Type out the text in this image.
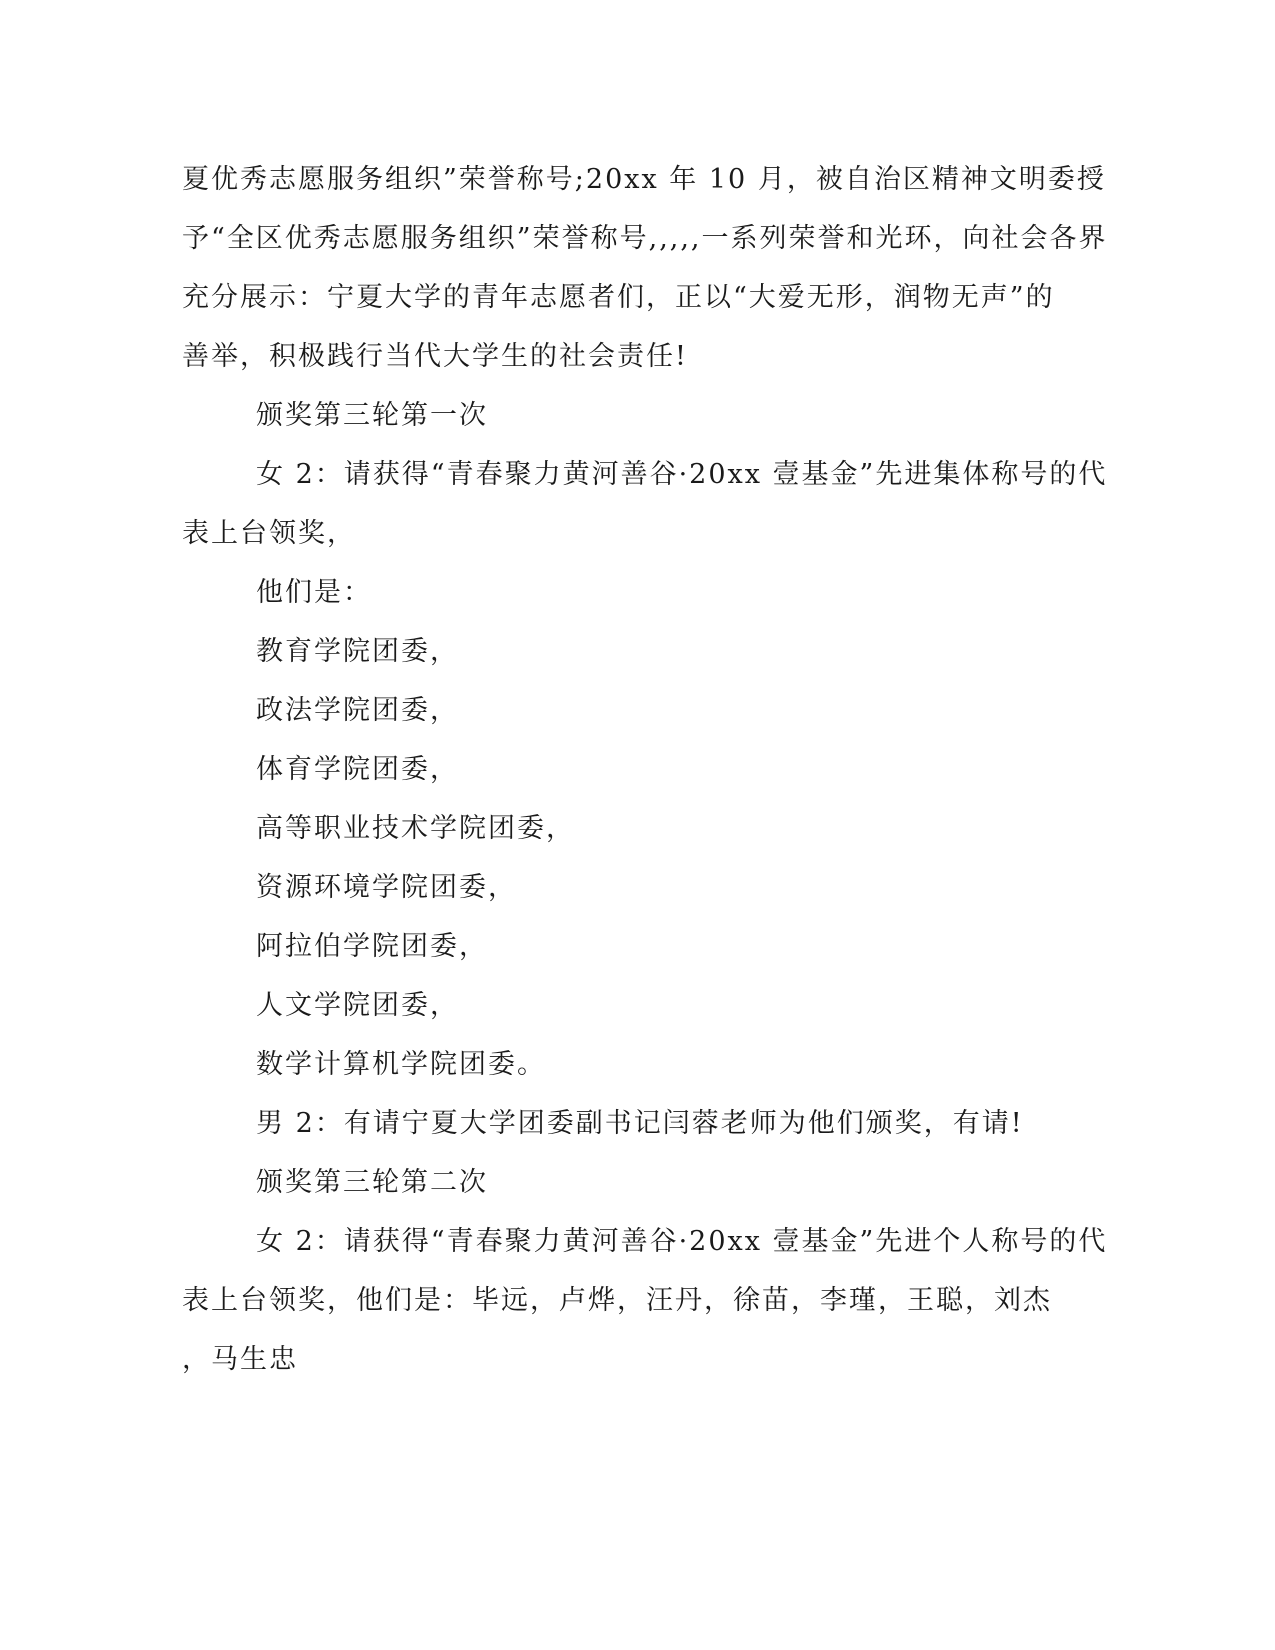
夏优秀志愿服务组织”荣誉称号;20xx 年 10 月，被自治区精神文明委授
予“全区优秀志愿服务组织”荣誉称号,,,,,一系列荣誉和光环，向社会各界
充分展示：宁夏大学的青年志愿者们，正以“大爱无形，润物无声”的
善举，积极践行当代大学生的社会责任!
颁奖第三轮第一次
女 2：请获得“青春聚力黄河善谷·20xx 壹基金”先进集体称号的代
表上台领奖，
他们是：
教育学院团委，
政法学院团委，
体育学院团委，
高等职业技术学院团委，
资源环境学院团委，
阿拉伯学院团委，
人文学院团委，
数学计算机学院团委。
男 2：有请宁夏大学团委副书记闫蓉老师为他们颁奖，有请!
颁奖第三轮第二次
女 2：请获得“青春聚力黄河善谷·20xx 壹基金”先进个人称号的代
表上台领奖，他们是：毕远，卢烨，汪丹，徐苗，李瑾，王聪，刘杰
，马生忠
